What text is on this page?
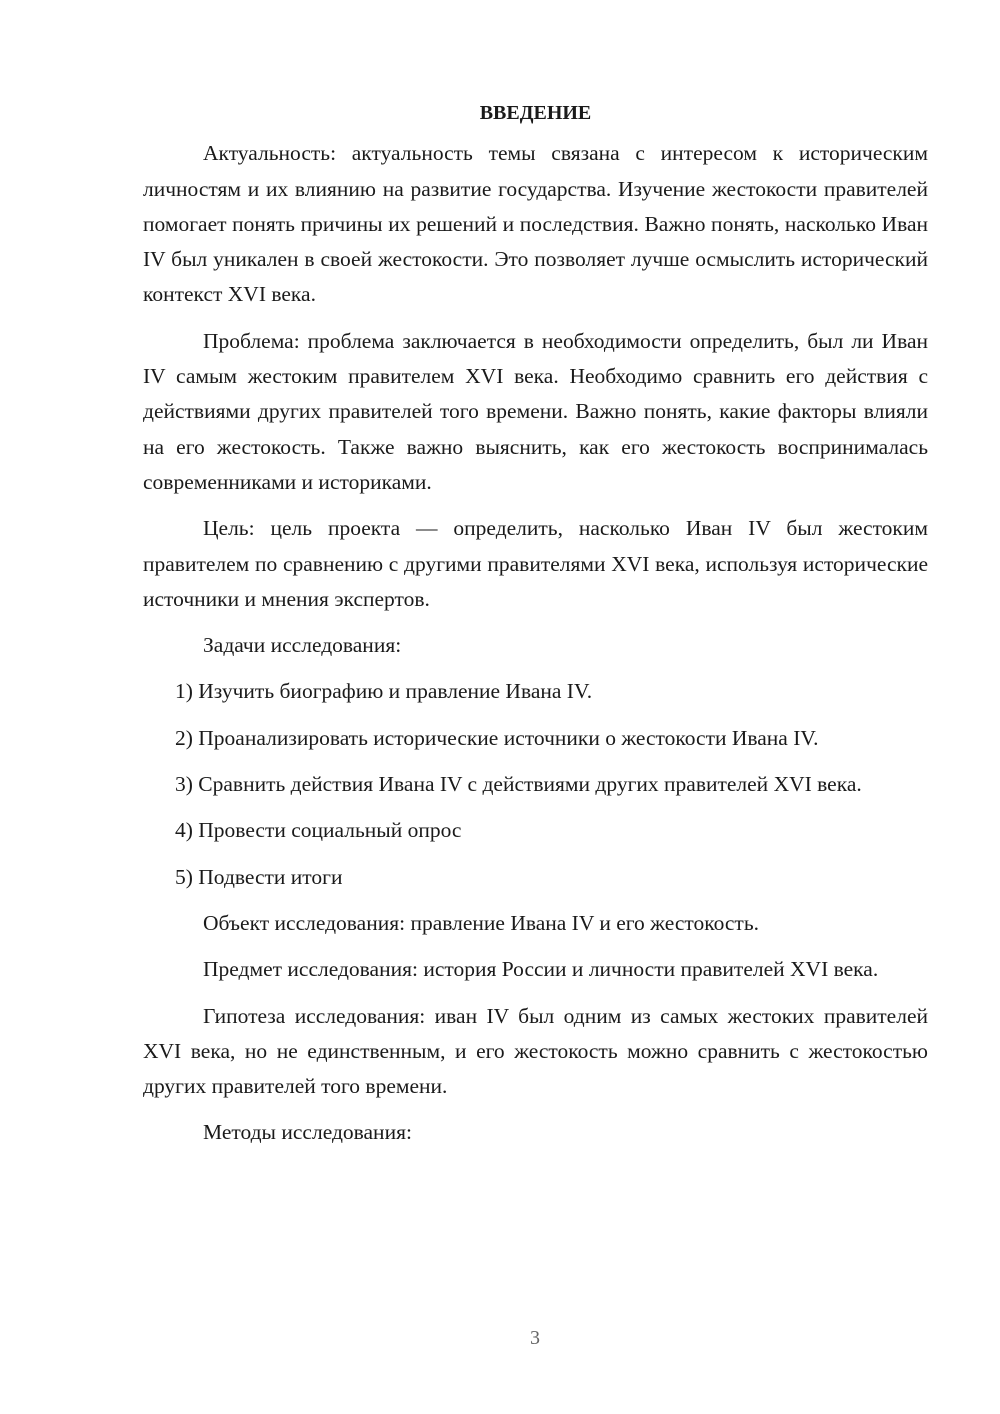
ВВЕДЕНИЕ

Актуальность: актуальность темы связана с интересом к историческим личностям и их влиянию на развитие государства. Изучение жестокости правителей помогает понять причины их решений и последствия. Важно понять, насколько Иван IV был уникален в своей жестокости. Это позволяет лучше осмыслить исторический контекст XVI века.

Проблема: проблема заключается в необходимости определить, был ли Иван IV самым жестоким правителем XVI века. Необходимо сравнить его действия с действиями других правителей того времени. Важно понять, какие факторы влияли на его жестокость. Также важно выяснить, как его жестокость воспринималась современниками и историками.

Цель: цель проекта — определить, насколько Иван IV был жестоким правителем по сравнению с другими правителями XVI века, используя исторические источники и мнения экспертов.

Задачи исследования:

1) Изучить биографию и правление Ивана IV.

2) Проанализировать исторические источники о жестокости Ивана IV.

3) Сравнить действия Ивана IV с действиями других правителей XVI века.

4) Провести социальный опрос

5) Подвести итоги

Объект исследования: правление Ивана IV и его жестокость.

Предмет исследования: история России и личности правителей XVI века.

Гипотеза исследования: иван IV был одним из самых жестоких правителей XVI века, но не единственным, и его жестокость можно сравнить с жестокостью других правителей того времени.

Методы исследования:

3
